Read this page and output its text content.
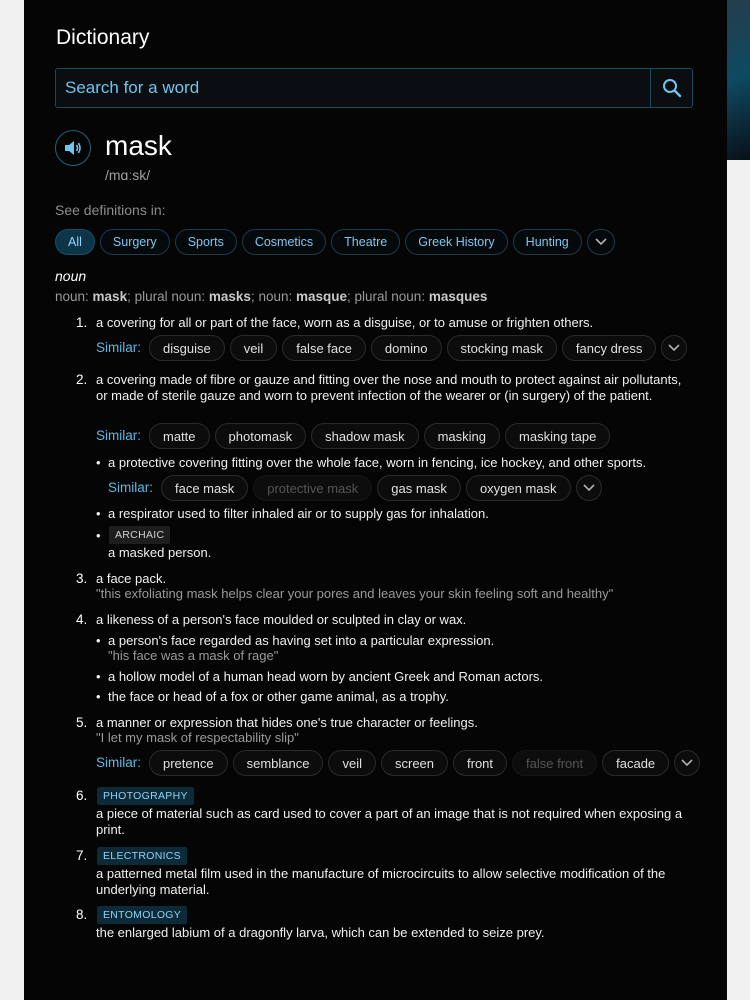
Dictionary
Search for a word
mask
/mɑːsk/
See definitions in:
All	Surgery	Sports	Cosmetics	Theatre	Greek History	Hunting
noun
noun: mask; plural noun: masks; noun: masque; plural noun: masques
1. a covering for all or part of the face, worn as a disguise, or to amuse or frighten others.
Similar:	disguise	veil	false face	domino	stocking mask	fancy dress
2. a covering made of fibre or gauze and fitting over the nose and mouth to protect against air pollutants, or made of sterile gauze and worn to prevent infection of the wearer or (in surgery) of the patient.
Similar:	matte	photomask	shadow mask	masking	masking tape
• a protective covering fitting over the whole face, worn in fencing, ice hockey, and other sports.
Similar:	face mask	protective mask	gas mask	oxygen mask
• a respirator used to filter inhaled air or to supply gas for inhalation.
•	ARCHAIC
a masked person.
3. a face pack.
"this exfoliating mask helps clear your pores and leaves your skin feeling soft and healthy"
4. a likeness of a person's face moulded or sculpted in clay or wax.
• a person's face regarded as having set into a particular expression.
"his face was a mask of rage"
• a hollow model of a human head worn by ancient Greek and Roman actors.
• the face or head of a fox or other game animal, as a trophy.
5. a manner or expression that hides one's true character or feelings.
"I let my mask of respectability slip"
Similar:	pretence	semblance	veil	screen	front	false front	facade
6.	PHOTOGRAPHY
a piece of material such as card used to cover a part of an image that is not required when exposing a print.
7.	ELECTRONICS
a patterned metal film used in the manufacture of microcircuits to allow selective modification of the underlying material.
8.	ENTOMOLOGY
the enlarged labium of a dragonfly larva, which can be extended to seize prey.
